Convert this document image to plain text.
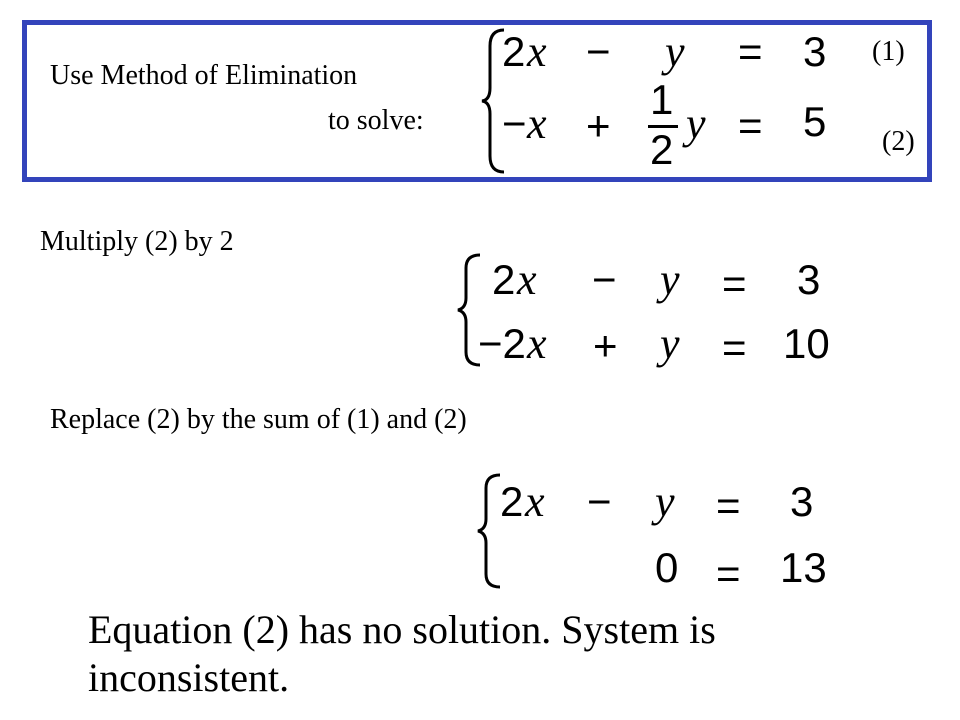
Use Method of Elimination
to solve:
2 x − y = 3 (1)
− x +
1
2
y = 5 (2)
Multiply (2) by 2
2 x − y = 3
−2 x + y = 10
Replace (2) by the sum of (1) and (2)
2 x − y = 3
0 = 13
Equation (2) has no solution. System is
inconsistent.
